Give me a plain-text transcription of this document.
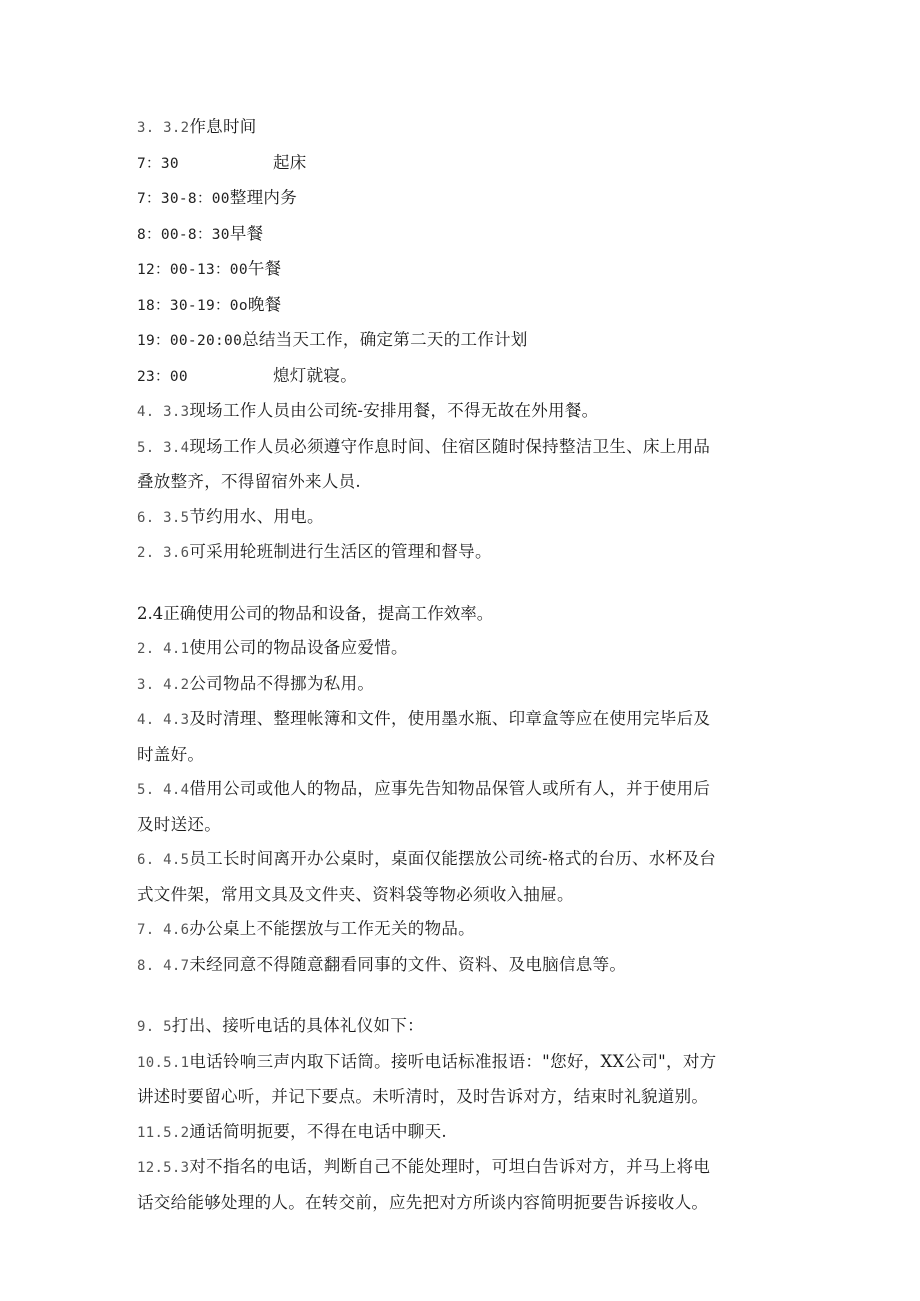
3. 3.2作息时间
7：30	起床
7：30-8：00整理内务
8：00-8：30早餐
12：00-13：00午餐
18：30-19：0o晚餐
19：00-20:00总结当天工作，确定第二天的工作计划
23：00	熄灯就寝。
4. 3.3现场工作人员由公司统-安排用餐，不得无故在外用餐。
5. 3.4现场工作人员必须遵守作息时间、住宿区随时保持整洁卫生、床上用品
叠放整齐，不得留宿外来人员.
6. 3.5节约用水、用电。
2. 3.6可采用轮班制进行生活区的管理和督导。
2.4正确使用公司的物品和设备，提高工作效率。
2. 4.1使用公司的物品设备应爱惜。
3. 4.2公司物品不得挪为私用。
4. 4.3及时清理、整理帐簿和文件，使用墨水瓶、印章盒等应在使用完毕后及
时盖好。
5. 4.4借用公司或他人的物品，应事先告知物品保管人或所有人，并于使用后
及时送还。
6. 4.5员工长时间离开办公桌时，桌面仅能摆放公司统-格式的台历、水杯及台
式文件架，常用文具及文件夹、资料袋等物必须收入抽屉。
7. 4.6办公桌上不能摆放与工作无关的物品。
8. 4.7未经同意不得随意翻看同事的文件、资料、及电脑信息等。
9. 5打出、接听电话的具体礼仪如下：
10.5.1电话铃响三声内取下话筒。接听电话标准报语："您好，XX公司"，对方
讲述时要留心听，并记下要点。未听清时，及时告诉对方，结束时礼貌道别。
11.5.2通话简明扼要，不得在电话中聊天.
12.5.3对不指名的电话，判断自己不能处理时，可坦白告诉对方，并马上将电
话交给能够处理的人。在转交前，应先把对方所谈内容简明扼要告诉接收人。
